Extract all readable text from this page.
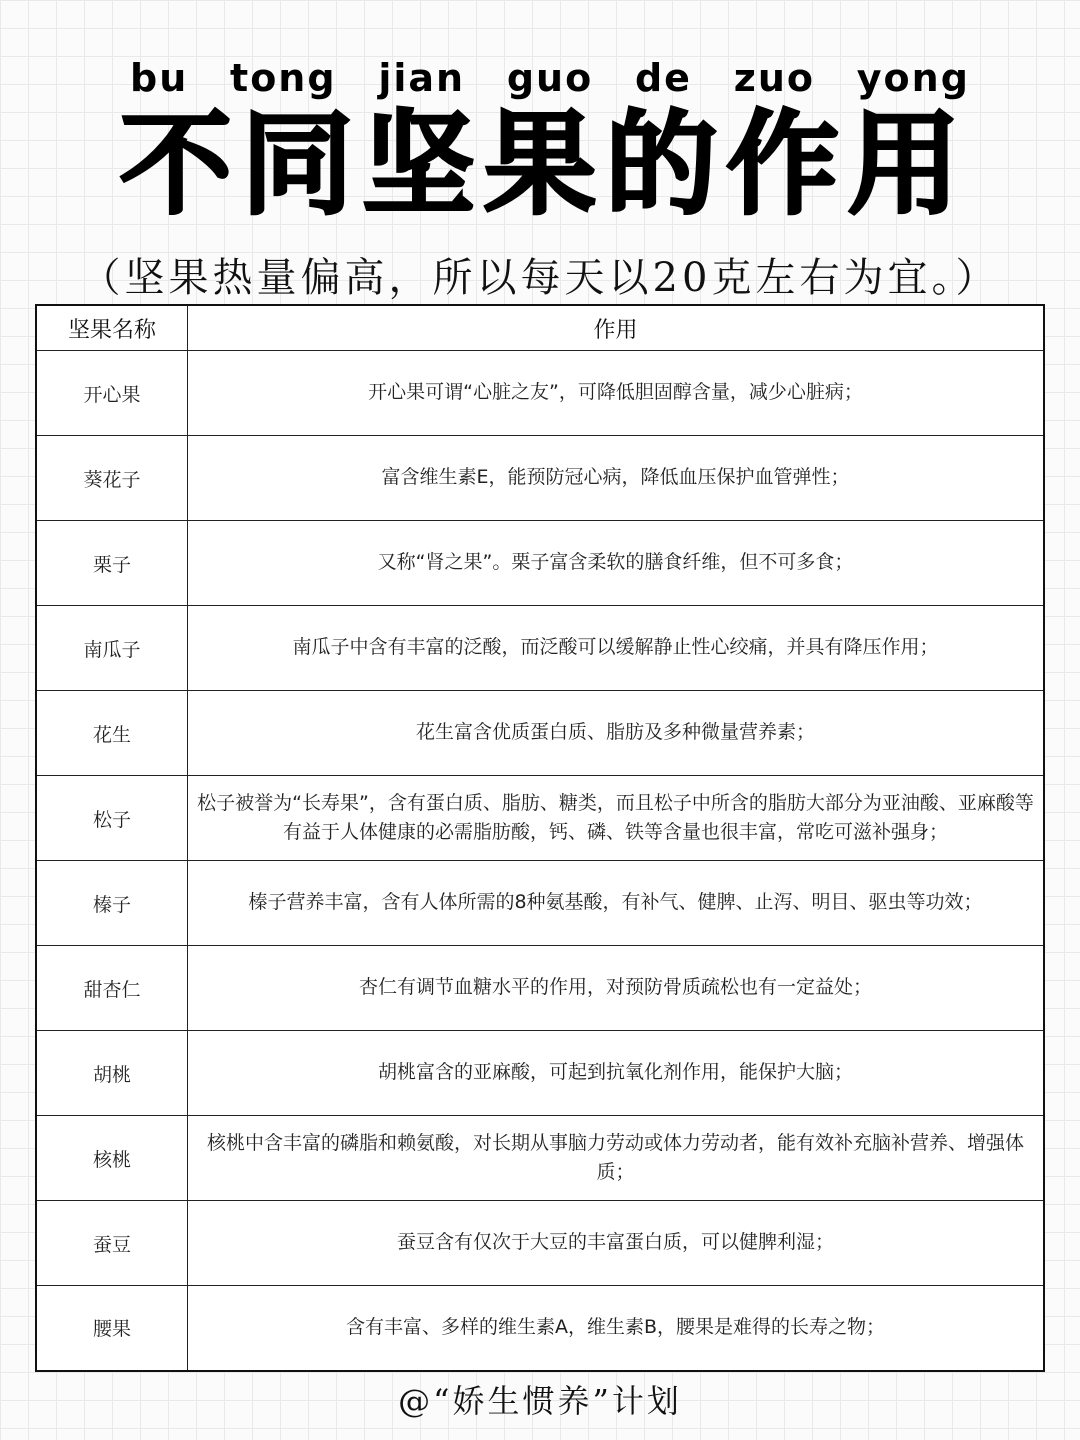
bu tong jian guo de zuo yong
不 同 坚 果 的 作 用
（坚果热量偏高，所以每天以20克左右为宜。）
坚果名称	作用
开心果	开心果可谓“心脏之友”，可降低胆固醇含量，减少心脏病；
葵花子	富含维生素E，能预防冠心病，降低血压保护血管弹性；
栗子	又称“肾之果”。栗子富含柔软的膳食纤维，但不可多食；
南瓜子	南瓜子中含有丰富的泛酸，而泛酸可以缓解静止性心绞痛，并具有降压作用；
花生	花生富含优质蛋白质、脂肪及多种微量营养素；
松子	松子被誉为“长寿果”，含有蛋白质、脂肪、糖类，而且松子中所含的脂肪大部分为亚油酸、亚麻酸等有益于人体健康的必需脂肪酸，钙、磷、铁等含量也很丰富，常吃可滋补强身；
榛子	榛子营养丰富，含有人体所需的8种氨基酸，有补气、健脾、止泻、明目、驱虫等功效；
甜杏仁	杏仁有调节血糖水平的作用，对预防骨质疏松也有一定益处；
胡桃	胡桃富含的亚麻酸，可起到抗氧化剂作用，能保护大脑；
核桃	核桃中含丰富的磷脂和赖氨酸，对长期从事脑力劳动或体力劳动者，能有效补充脑补营养、增强体质；
蚕豆	蚕豆含有仅次于大豆的丰富蛋白质，可以健脾利湿；
腰果	含有丰富、多样的维生素A，维生素B，腰果是难得的长寿之物；
@“娇生惯养”计划
